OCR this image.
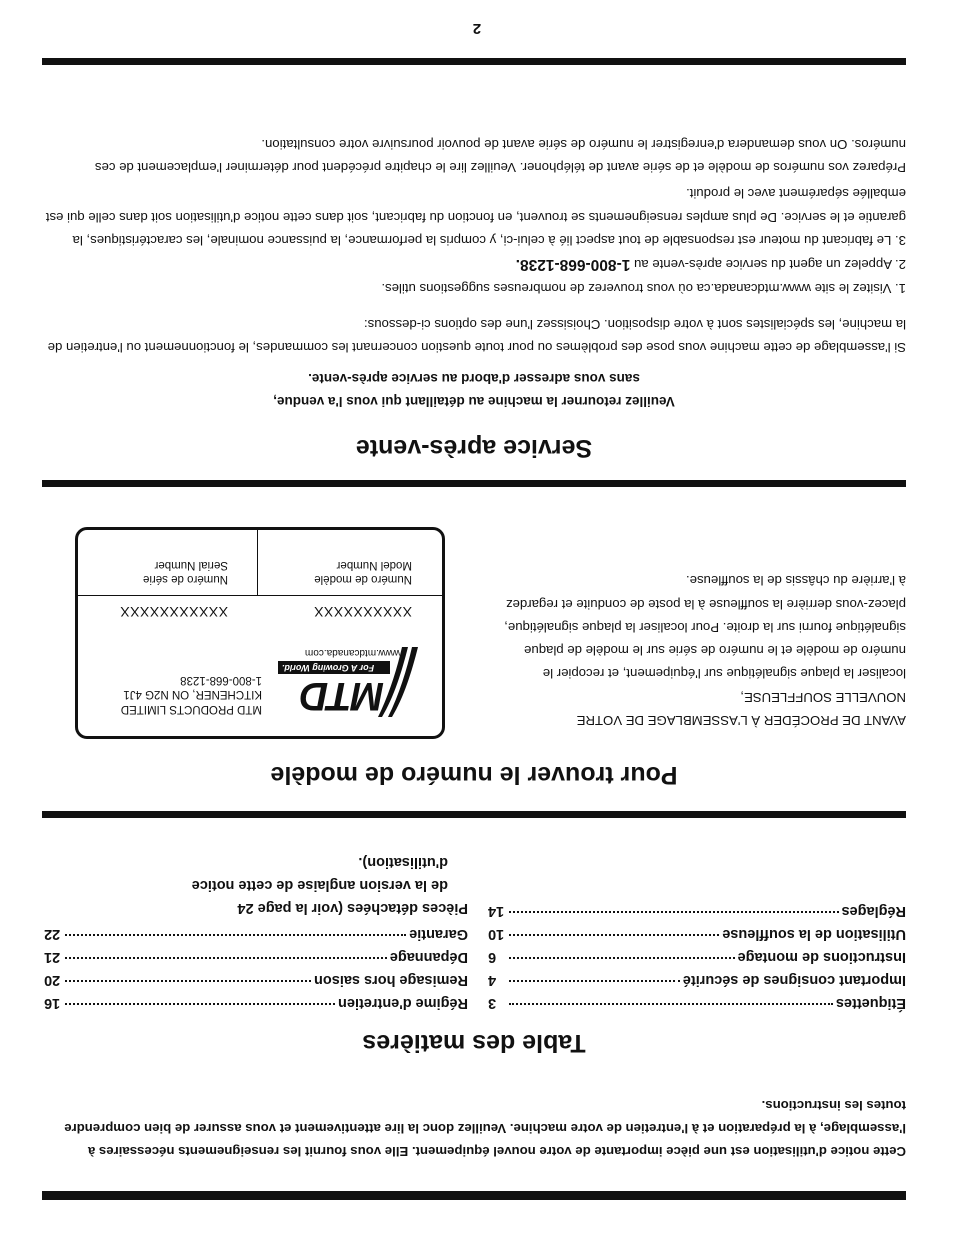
Cette notice d'utilisation est une pièce importante de votre nouvel équipement. Elle vous fournit les renseignements nécessaires à l'assemblage, à la préparation et à l'entretien de votre machine. Veuillez donc la lire attentivement et vous assurer de bien comprendre toutes les instructions.
Table des matières
Étiquettes
3
Important consignes de sécurité
4
Instructions de montage
6
Utilisation de la souffleuse
10
Réglages
14
Régime d'entretien
16
Remisage hors saison
20
Dépannage
21
Garantie
22
Pièces détachées (voir la page 24
de la version anglaise de cette notice
d'utilisation).
Pour trouver le numéro de modèle
AVANT DE PROCÉDER À L'ASSEMBLAGE DE VOTRE
NOUVELLE SOUFFLEUSE,
localiser la plaque signalétique sur l'équipement, et recopier le numéro de modèle et le numéro de série sur le modèle de plaque signalétique fourni sur la droite. Pour localiser la plaque signalétique, placez-vous derrière la souffleuse à la poste de conduite et regardez à l'arrière du châssis de la souffleuse.
MTD
For A Growing World.
www.mtdcanada.com
MTD PRODUCTS LIMITED
KITCHENER, ON N2G 4J1
1-800-668-1238
XXXXXXXXXX
XXXXXXXXXXX
Numéro de modèle
Model Number
Numéro de série
Serial Number
Service après-vente
Veuillez retourner la machine au détaillant qui vous l'a vendue,
sans vous adresser d'abord au service après-vente.
Si l'assemblage de cette machine vous pose des problèmes ou pour toute question concernant les commandes, le fonctionnement ou l'entretien de la machine, les spécialistes sont à votre disposition. Choisissez l'une des options ci-dessous:
1. Visitez le site www.mtdcanada.ca où vous trouverez de nombreuses suggestions utiles.
2. Appelez un agent du service après-vente au 1-800-668-1238.
3. Le fabricant du moteur est responsable de tout aspect lié à celui-ci, y compris la performance, la puissance nominale, les caractéristiques, la garantie et le service. De plus amples renseignements se trouvent, en fonction du fabricant, soit dans cette notice d'utilisation soit dans celle qui est emballée séparément avec le produit.
Préparez vos numéros de modèle et de série avant de téléphoner. Veuillez lire le chapitre précédent pour déterminer l'emplacement de ces numéros. On vous demandera d'enregistrer le numéro de série avant de pouvoir poursuivre votre consultation.
2
